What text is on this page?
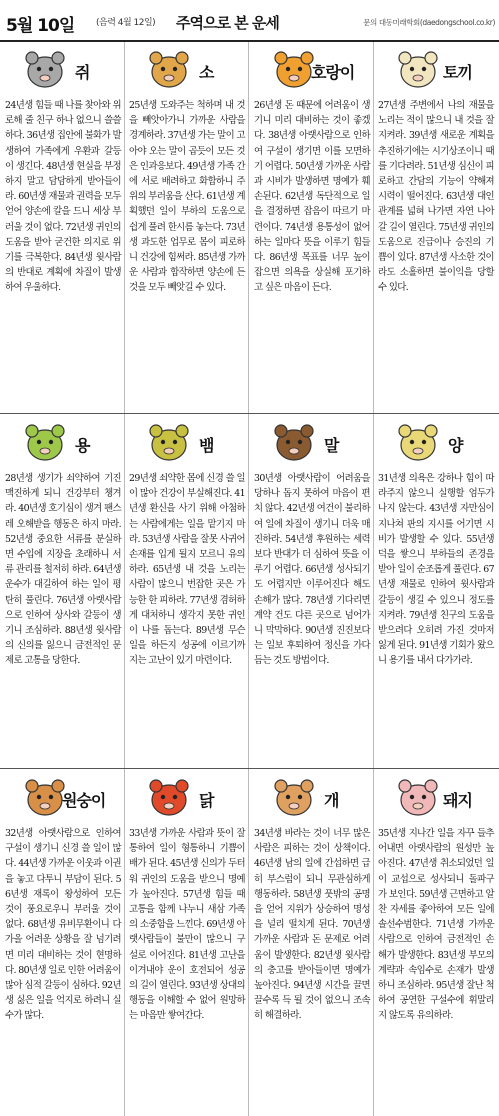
5월 10일 (음력 4월 12일) 주역으로 본 운세	문의 대동미래학회(daedongschool.co.kr)
쥐

24년생 힘들 때 나를 찾아와 위로해 줄 친구 하나 없으니 쓸쓸하다. 36년생 집안에 불화가 발생하여 가족에게 우환과 갈등이 생긴다. 48년생 현실을 부정하지 말고 담담하게 받아들이라. 60년생 재물과 권력을 모두 얻어 양손에 칼을 드니 세상 부러울 것이 없다. 72년생 귀인의 도움을 받아 굳건한 의지로 위기를 극복한다. 84년생 윗사람의 반대로 계획에 차질이 발생하여 우울하다.

소

25년생 도와주는 척하며 내 것을 빼앗아가니 가까운 사람을 경계하라. 37년생 가는 말이 고아야 오는 말이 곱듯이 모든 것은 인과응보다. 49년생 가족 간에 서로 배려하고 화합하니 주위의 부러움을 산다. 61년생 계획했던 일이 부하의 도움으로 쉽게 풀려 한시름 놓는다. 73년생 과도한 업무로 몸이 피로하니 건강에 힘써라. 85년생 가까운 사람과 합작하면 양손에 든 것을 모두 빼앗길 수 있다.

호랑이

26년생 돈 때문에 어려움이 생기니 미리 대비하는 것이 좋겠다. 38년생 아랫사람으로 인하여 구설이 생기면 이를 모면하기 어렵다. 50년생 가까운 사람과 시비가 발생하면 명예가 훼손된다. 62년생 독단적으로 일을 결정하면 잡음이 따르기 마련이다. 74년생 용통성이 없어 하는 일마다 뜻을 이루기 힘들다. 86년생 목표를 너무 높이 잡으면 의욕을 상실해 포기하고 싶은 마음이 든다.

토끼

27년생 주변에서 나의 재물을 노리는 적이 많으니 내 것을 잘 지켜라. 39년생 새로운 계획을 추진하기에는 시기상조이니 때를 기다려라. 51년생 심신이 피로하고 간담의 기능이 약해져 시력이 떨어진다. 63년생 대인관계를 넓혀 나가면 자연 나아갈 길이 열린다. 75년생 귀인의 도움으로 진급이나 승진의 기쁨이 있다. 87년생 사소한 것이라도 소홀하면 불이익을 당할 수 있다.

용

28년생 생기가 쇠약하여 기진맥진하게 되니 건강부터 챙겨라. 40년생 호기심이 생겨 팬스레 오해받을 행동은 하지 마라. 52년생 중요한 서류를 분실하면 수입에 지장을 초래하니 서류 관리를 철저히 하라. 64년생 운수가 대길하여 하는 일이 평탄히 풀린다. 76년생 아랫사람으로 인하여 상사와 갈등이 생기니 조심하라. 88년생 윗사람의 신의를 잃으니 금전적인 문제로 고통을 당한다.

뱀

29년생 쇠약한 몸에 신경 쓸 일이 많아 건강이 부실해진다. 41년생 환신을 사기 위해 아첨하는 사람에게는 일을 맡기지 마라. 53년생 사람을 잘못 사귀어 손재를 입게 될지 모르니 유의하라. 65년생 내 것을 노리는 사람이 많으니 번잡한 곳은 가능한 한 피하라. 77년생 겸허하게 대처하니 생각지 못한 귀인이 나를 돕는다. 89년생 무슨 일을 하든지 성공에 이르기까지는 고난이 있기 마련이다.

말

30년생 아랫사람이 어려움을 당하나 돕지 못하여 마음이 편치 않다. 42년생 여건이 불리하여 일에 차질이 생기니 더욱 매진하라. 54년생 후원하는 세력보다 반대가 더 심하여 뜻을 이루기 어렵다. 66년생 성사되기도 어렵지만 이루어진다 해도 손해가 많다. 78년생 기다리면 계약 건도 다른 곳으로 넘어가니 막막하다. 90년생 진진보다는 일보 후퇴하여 정신을 가다듬는 것도 방법이다.

양

31년생 의욕은 강하나 힘이 따라주지 않으니 실행할 엄두가 나지 않는다. 43년생 자만심이 지나쳐 판의 지시를 어기면 시비가 발생할 수 있다. 55년생 덕을 쌓으니 부하들의 존경을 받아 일이 순조롭게 풀린다. 67년생 재물로 인하여 윗사람과 갈등이 생길 수 있으니 정도를 지켜라. 79년생 친구의 도움을 받으려다 오히려 가진 것마저 잃게 된다. 91년생 기회가 왔으니 용기를 내서 다가가라.

원숭이

32년생 아랫사람으로 인하여 구설이 생기니 신경 쓸 일이 많다. 44년생 가까운 이웃과 이권을 놓고 다투니 부담이 된다. 56년생 재록이 왕성하여 모든 것이 풍요로우니 부러울 것이 없다. 68년생 유비무환이니 다가올 어려운 상황을 잘 넘기려면 미리 대비하는 것이 현명하다. 80년생 일로 인한 어려움이 많아 심적 갈등이 심하다. 92년생 싫은 일을 억지로 하려니 실수가 많다.

닭

33년생 가까운 사람과 뜻이 잘 통하여 일이 형통하니 기쁨이 배가 된다. 45년생 신의가 두터워 귀인의 도움을 받으니 명예가 높아진다. 57년생 힘들 때 고통을 함께 나누니 새삼 가족의 소중함을 느낀다. 69년생 아랫사람들이 불만이 많으니 구설로 이어진다. 81년생 고난을 이겨내야 운이 호전되어 성공의 길이 열린다. 93년생 상대의 행동을 이해할 수 없어 원망하는 마음만 쌓여간다.

개

34년생 바라는 것이 너무 많은 사람은 피하는 것이 상책이다. 46년생 남의 일에 간섭하면 급히 부스럼이 되니 무관심하게 행동하라. 58년생 풋밖의 공명을 얻어 지위가 상승하여 명성을 널리 떨치게 된다. 70년생 가까운 사람과 돈 문제로 어려움이 발생한다. 82년생 윗사람의 충고를 받아들이면 명예가 높아진다. 94년생 시간을 끌면 끌수록 득 될 것이 없으니 조속히 해결하라.

돼지

35년생 지나간 일을 자꾸 들추어내면 아랫사람의 원성만 높아진다. 47년생 취소되었던 일이 교섭으로 성사되니 돌파구가 보인다. 59년생 근면하고 알찬 자세를 좋아하여 모든 일에 솔선수범한다. 71년생 가까운 사람으로 인하여 금전적인 손해가 발생한다. 83년생 부모의 계략과 속임수로 손재가 발생하니 조심하라. 95년생 잘난 척하여 공연한 구설수에 휘말리지 않도록 유의하라.
